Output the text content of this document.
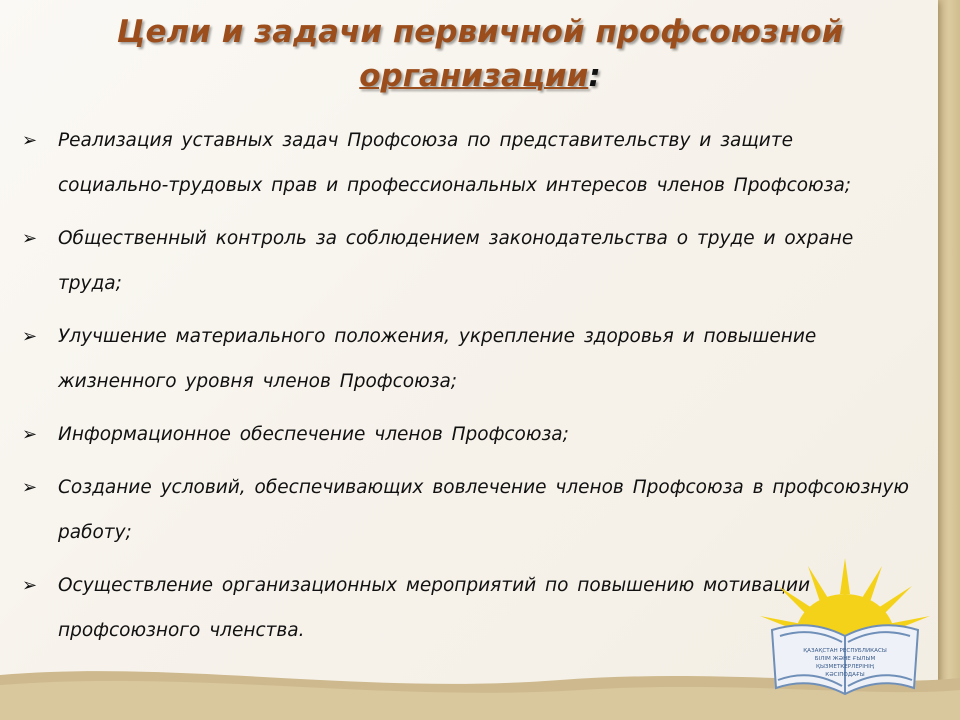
Цели и задачи первичной профсоюзной
организации:
➢ Реализация уставных задач Профсоюза по представительству и защите социально-трудовых прав и профессиональных интересов членов Профсоюза;
➢ Общественный контроль за соблюдением законодательства о труде и охране труда;
➢ Улучшение материального положения, укрепление здоровья и повышение жизненного уровня членов Профсоюза;
➢ Информационное обеспечение членов Профсоюза;
➢ Создание условий, обеспечивающих вовлечение членов Профсоюза в профсоюзную работу;
➢ Осуществление организационных мероприятий по повышению мотивации профсоюзного членства.
ҚАЗАҚСТАН РЕСПУБЛИКАСЫ
БІЛІМ ЖӘНЕ ҒЫЛЫМ
ҚЫЗМЕТКЕРЛЕРІНІҢ
КӘСІПОДАҒЫ
